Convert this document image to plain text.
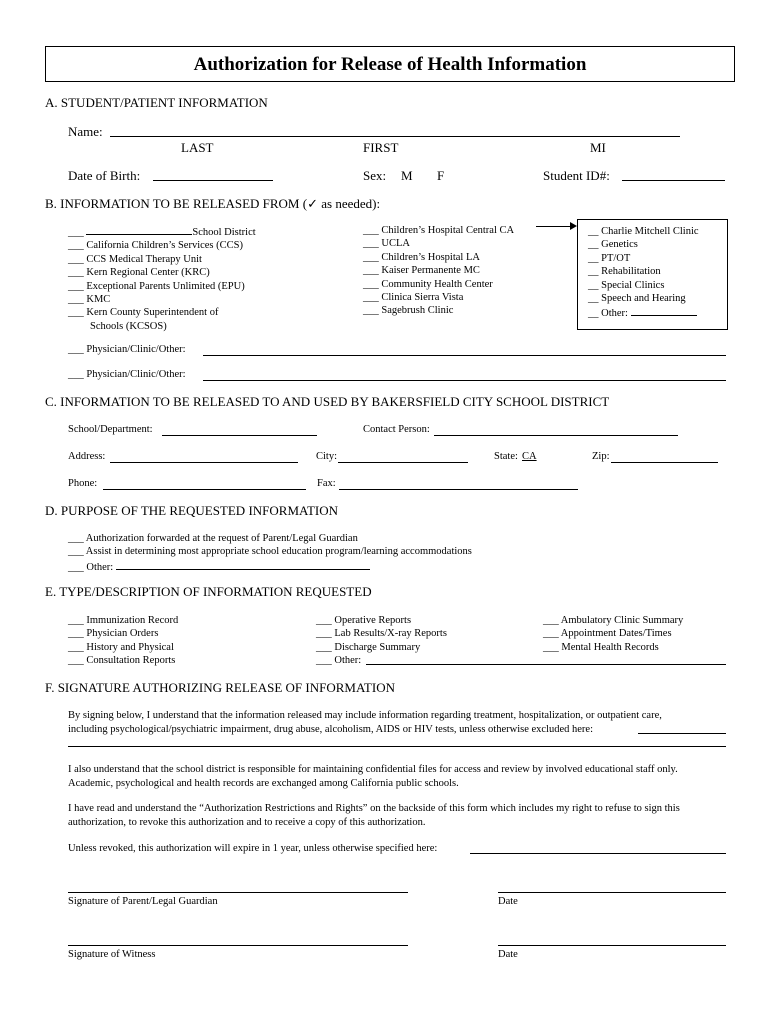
Authorization for Release of Health Information
A. STUDENT/PATIENT INFORMATION
Name:
LAST	FIRST	MI
Date of Birth:	Sex: M F	Student ID#:
B. INFORMATION TO BE RELEASED FROM (✓ as needed):
___	School District
___ California Children’s Services (CCS)
___ CCS Medical Therapy Unit
___ Kern Regional Center (KRC)
___ Exceptional Parents Unlimited (EPU)
___ KMC
___ Kern County Superintendent of
Schools (KCSOS)
___ Children’s Hospital Central CA
___ UCLA
___ Children’s Hospital LA
___ Kaiser Permanente MC
___ Community Health Center
___ Clinica Sierra Vista
___ Sagebrush Clinic
__ Charlie Mitchell Clinic
__ Genetics
__ PT/OT
__ Rehabilitation
__ Special Clinics
__ Speech and Hearing
__ Other:
___ Physician/Clinic/Other:
___ Physician/Clinic/Other:
C. INFORMATION TO BE RELEASED TO AND USED BY BAKERSFIELD CITY SCHOOL DISTRICT
School/Department:	Contact Person:
Address:	City:	State: CA	Zip:
Phone:	Fax:
D. PURPOSE OF THE REQUESTED INFORMATION
___ Authorization forwarded at the request of Parent/Legal Guardian
___ Assist in determining most appropriate school education program/learning accommodations
___ Other:
E. TYPE/DESCRIPTION OF INFORMATION REQUESTED
___ Immunization Record
___ Physician Orders
___ History and Physical
___ Consultation Reports
___ Operative Reports
___ Lab Results/X-ray Reports
___ Discharge Summary
___ Other:
___ Ambulatory Clinic Summary
___ Appointment Dates/Times
___ Mental Health Records
F. SIGNATURE AUTHORIZING RELEASE OF INFORMATION
By signing below, I understand that the information released may include information regarding treatment, hospitalization, or outpatient care,
including psychological/psychiatric impairment, drug abuse, alcoholism, AIDS or HIV tests, unless otherwise excluded here:
I also understand that the school district is responsible for maintaining confidential files for access and review by involved educational staff only.
Academic, psychological and health records are exchanged among California public schools.
I have read and understand the “Authorization Restrictions and Rights” on the backside of this form which includes my right to refuse to sign this
authorization, to revoke this authorization and to receive a copy of this authorization.
Unless revoked, this authorization will expire in 1 year, unless otherwise specified here:
Signature of Parent/Legal Guardian	Date
Signature of Witness	Date
